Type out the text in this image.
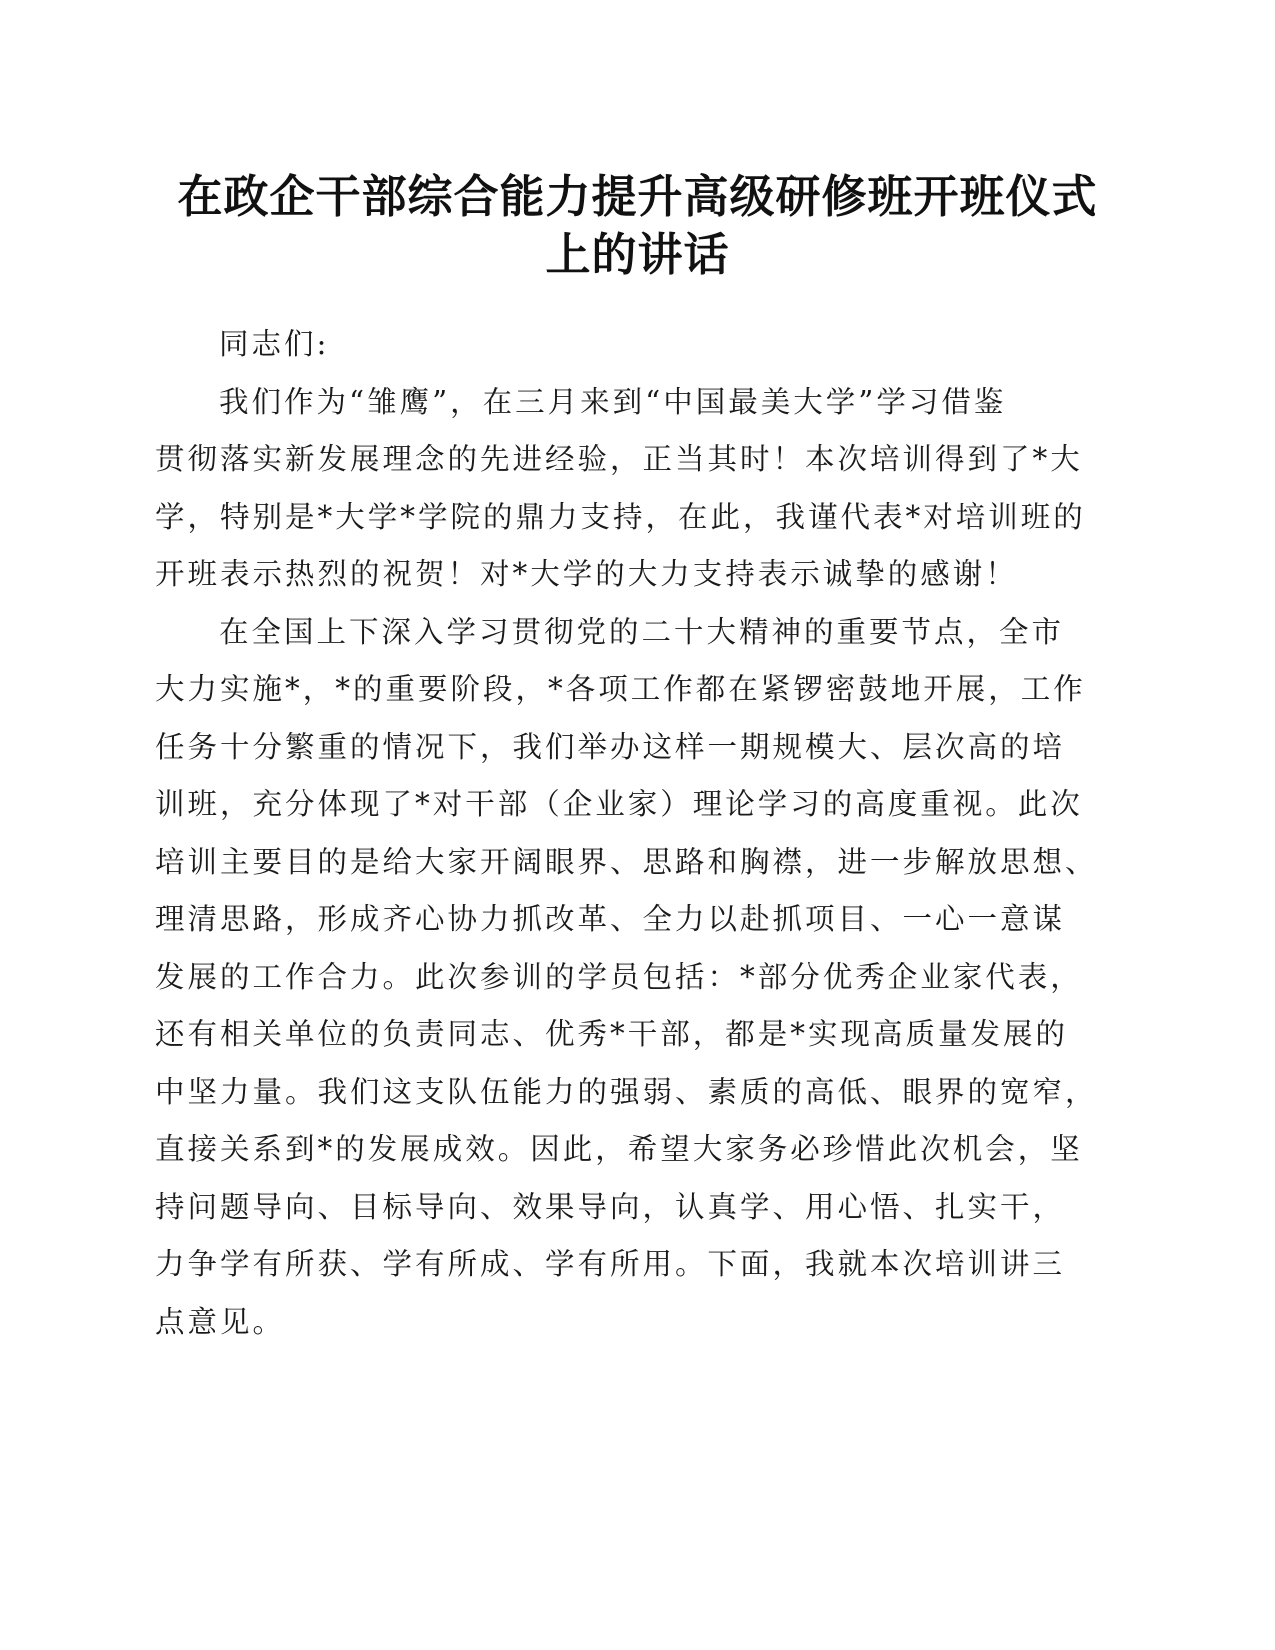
在政企干部综合能力提升高级研修班开班仪式
上的讲话

同志们:

我们作为“雏鹰”，在三月来到“中国最美大学”学习借鉴
贯彻落实新发展理念的先进经验，正当其时！本次培训得到了*大
学，特别是*大学*学院的鼎力支持，在此，我谨代表*对培训班的
开班表示热烈的祝贺！对*大学的大力支持表示诚挚的感谢！

在全国上下深入学习贯彻党的二十大精神的重要节点，全市
大力实施*，*的重要阶段，*各项工作都在紧锣密鼓地开展，工作
任务十分繁重的情况下，我们举办这样一期规模大、层次高的培
训班，充分体现了*对干部（企业家）理论学习的高度重视。此次
培训主要目的是给大家开阔眼界、思路和胸襟，进一步解放思想、
理清思路，形成齐心协力抓改革、全力以赴抓项目、一心一意谋
发展的工作合力。此次参训的学员包括：*部分优秀企业家代表，
还有相关单位的负责同志、优秀*干部，都是*实现高质量发展的
中坚力量。我们这支队伍能力的强弱、素质的高低、眼界的宽窄，
直接关系到*的发展成效。因此，希望大家务必珍惜此次机会，坚
持问题导向、目标导向、效果导向，认真学、用心悟、扎实干，
力争学有所获、学有所成、学有所用。下面，我就本次培训讲三
点意见。
